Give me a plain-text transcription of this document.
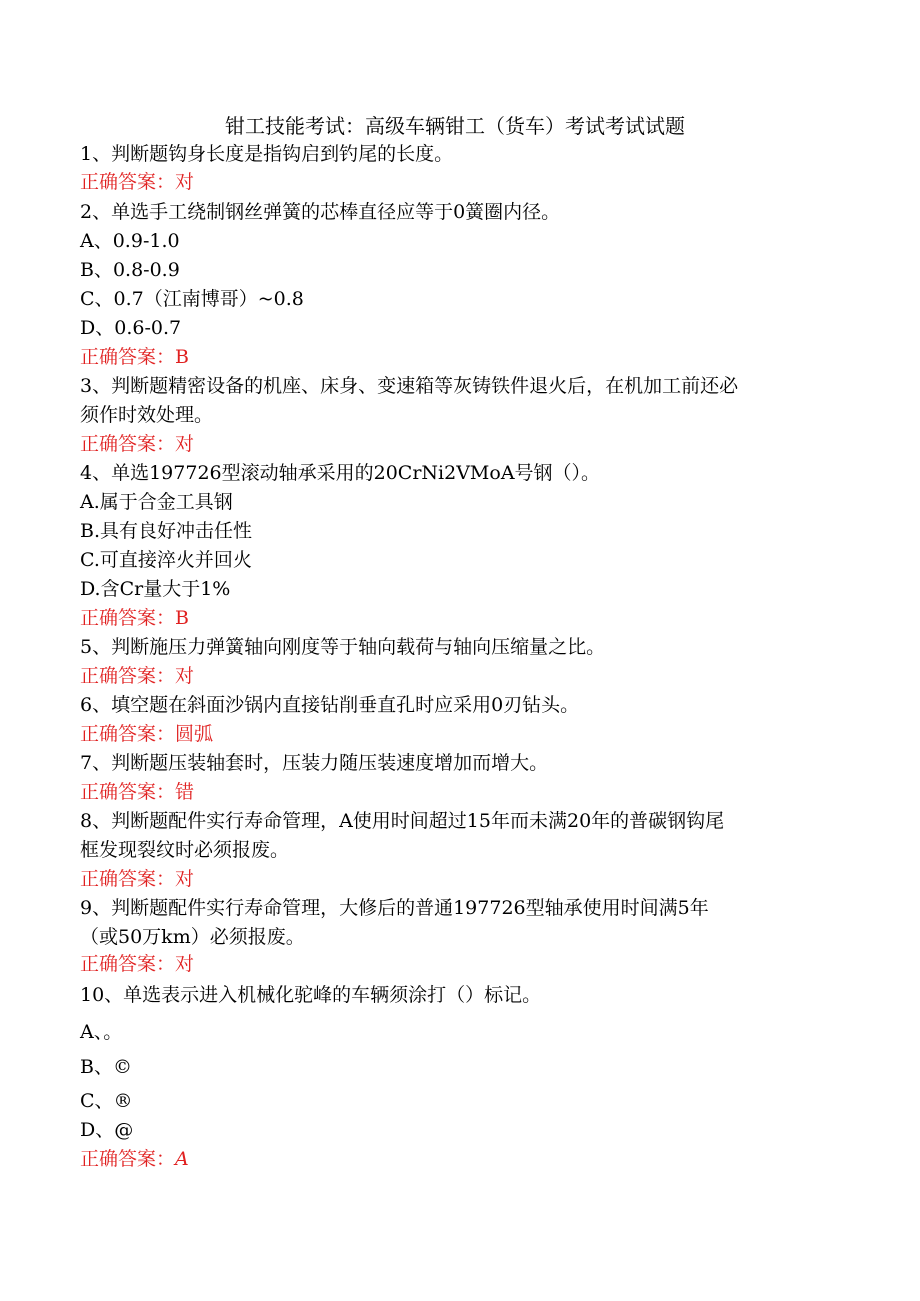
钳工技能考试：高级车辆钳工（货车）考试考试试题
1、判断题钩身长度是指钩启到钓尾的长度。
正确答案：对
2、单选手工绕制钢丝弹簧的芯棒直径应等于0簧圈内径。
A、0.9-1.0
B、0.8-0.9
C、0.7（江南博哥）~0.8
D、0.6-0.7
正确答案：B
3、判断题精密设备的机座、床身、变速箱等灰铸铁件退火后，在机加工前还必
须作时效处理。
正确答案：对
4、单选197726型滚动轴承采用的20CrNi2VMoA号钢（）。
A.属于合金工具钢
B.具有良好冲击任性
C.可直接淬火并回火
D.含Cr量大于1%
正确答案：B
5、判断施压力弹簧轴向刚度等于轴向载荷与轴向压缩量之比。
正确答案：对
6、填空题在斜面沙锅内直接钻削垂直孔时应采用0刃钻头。
正确答案：圆弧
7、判断题压装轴套时，压装力随压装速度增加而增大。
正确答案：错
8、判断题配件实行寿命管理，A使用时间超过15年而未满20年的普碳钢钩尾
框发现裂纹时必须报废。
正确答案：对
9、判断题配件实行寿命管理，大修后的普通197726型轴承使用时间满5年
（或50万km）必须报废。
正确答案：对
10、单选表示进入机械化驼峰的车辆须涂打（）标记。
A、。
B、©
C、®
D、@
正确答案：A
